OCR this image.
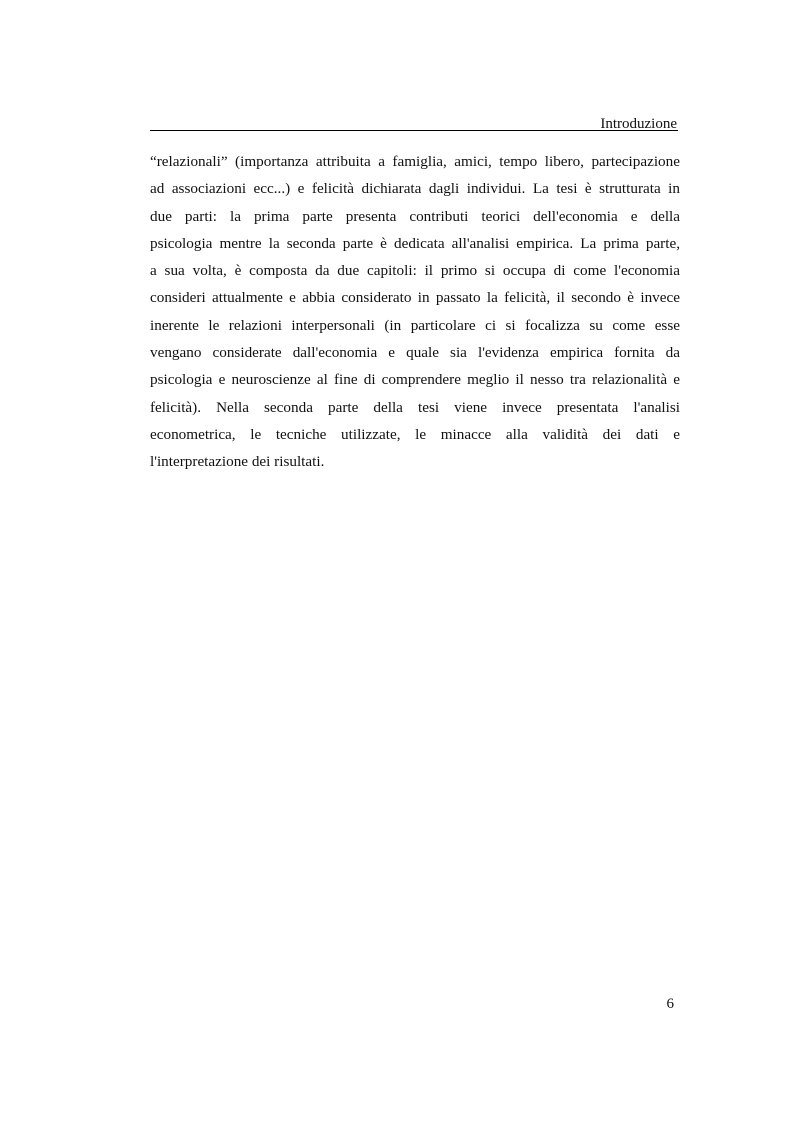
Introduzione
“relazionali” (importanza attribuita a famiglia, amici, tempo libero, partecipazione
ad associazioni ecc...) e felicità dichiarata dagli individui. La tesi è strutturata in
due parti: la prima parte presenta contributi teorici dell'economia e della
psicologia mentre la seconda parte è dedicata all'analisi empirica. La prima parte,
a sua volta, è composta da due capitoli: il primo si occupa di come l'economia
consideri attualmente e abbia considerato in passato la felicità, il secondo è invece
inerente le relazioni interpersonali (in particolare ci si focalizza su come esse
vengano considerate dall'economia e quale sia l'evidenza empirica fornita da
psicologia e neuroscienze al fine di comprendere meglio il nesso tra relazionalità e
felicità). Nella seconda parte della tesi viene invece presentata l'analisi
econometrica, le tecniche utilizzate, le minacce alla validità dei dati e
l'interpretazione dei risultati.
6
